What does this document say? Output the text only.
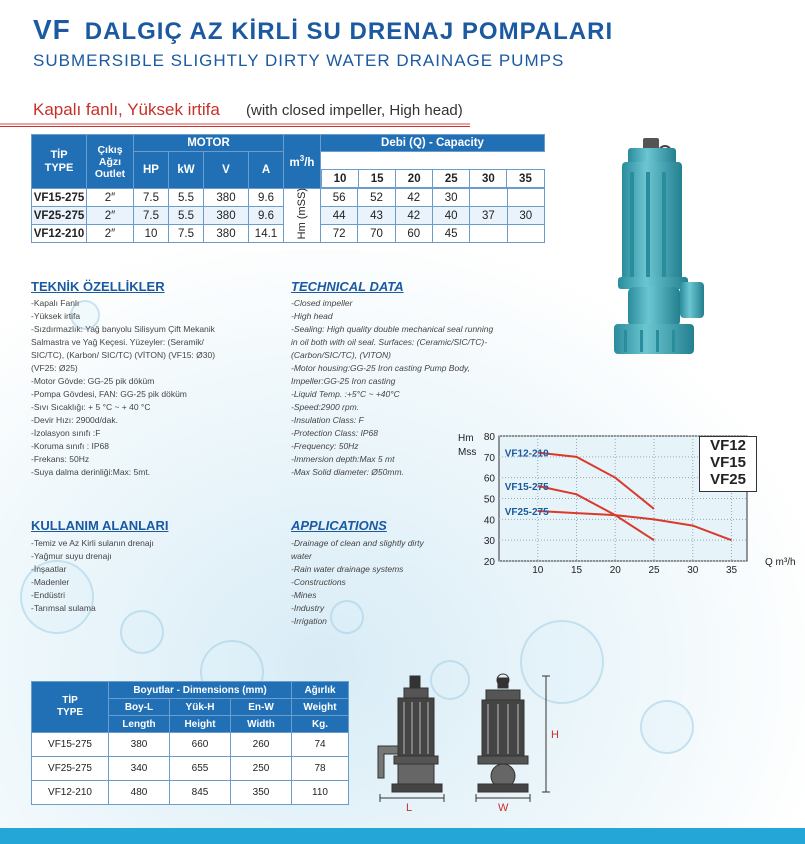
VF DALGIÇ AZ KİRLİ SU DRENAJ POMPALARI
SUBMERSIBLE SLIGHTLY DIRTY WATER DRAINAGE PUMPS
Kapalı fanlı, Yüksek irtifa (with closed impeller, High head)
TİP
TYPE	Çıkış
Ağzı
Outlet	MOTOR	$m^3/h$	Debi (Q) - Capacity
HP	kW	V	A	

10	15	20	25	30	35

VF15-275	2″	7.5	5.5	380	9.6	Hm (mSS)	56	52	42	30		
VF25-275	2″	7.5	5.5	380	9.6	44	43	42	40	37	30
VF12-210	2″	10	7.5	380	14.1	72	70	60	45		
TEKNİK ÖZELLİKLER
-Kapalı Fanlı
-Yüksek irtifa
-Sızdırmazlık: Yağ banyolu Silisyum Çift Mekanik
Salmastra ve Yağ Keçesi. Yüzeyler: (Seramik/
SIC/TC), (Karbon/ SIC/TC) (VİTON) (VF15: Ø30)
(VF25: Ø25)
-Motor Gövde: GG-25 pik döküm
-Pompa Gövdesi, FAN: GG-25 pik döküm
-Sıvı Sıcaklığı: + 5 °C ~ + 40 °C
-Devir Hızı: 2900d/dak.
-İzolasyon sınıfı :F
-Koruma sınıfı : IP68
-Frekans: 50Hz
-Suya dalma derinliği:Max: 5mt.
TECHNICAL DATA
-Closed impeller
-High head
-Sealing: High quality double mechanical seal running
in oil both with oil seal. Surfaces: (Ceramic/SIC/TC)-
(Carbon/SIC/TC), (VITON)
-Motor housing:GG-25 Iron casting Pump Body,
Impeller:GG-25 Iron casting
-Liquid Temp. :+5°C ~ +40°C
-Speed:2900 rpm.
-Insulation Class: F
-Protection Class: IP68
-Frequency: 50Hz
-Immersion depth:Max 5 mt
-Max Solid diameter: Ø50mm.
KULLANIM ALANLARI
-Temiz ve Az Kirli sulanın drenajı
-Yağmur suyu drenajı
-İnşaatlar
-Madenler
-Endüstri
-Tarımsal sulama
APPLICATIONS
-Drainage of clean and slightly dirty
water
-Rain water drainage systems
-Constructions
-Mines
-Industry
-Irrigation
80
70
60
50
40
30
20
10	15	20	25	30	35
Hm
Mss
Q m³/h
VF12-210
VF15-275
VF25-275
VF12
VF15
VF25
TİP
TYPE	Boyutlar - Dimensions (mm)			Ağırlık
	Boy-L	Yük-H	En-W	Weight
	Length	Height	Width	Kg.
VF15-275	380	660	260	74
VF25-275	340	655	250	78
VF12-210	480	845	350	110
L	W
H
